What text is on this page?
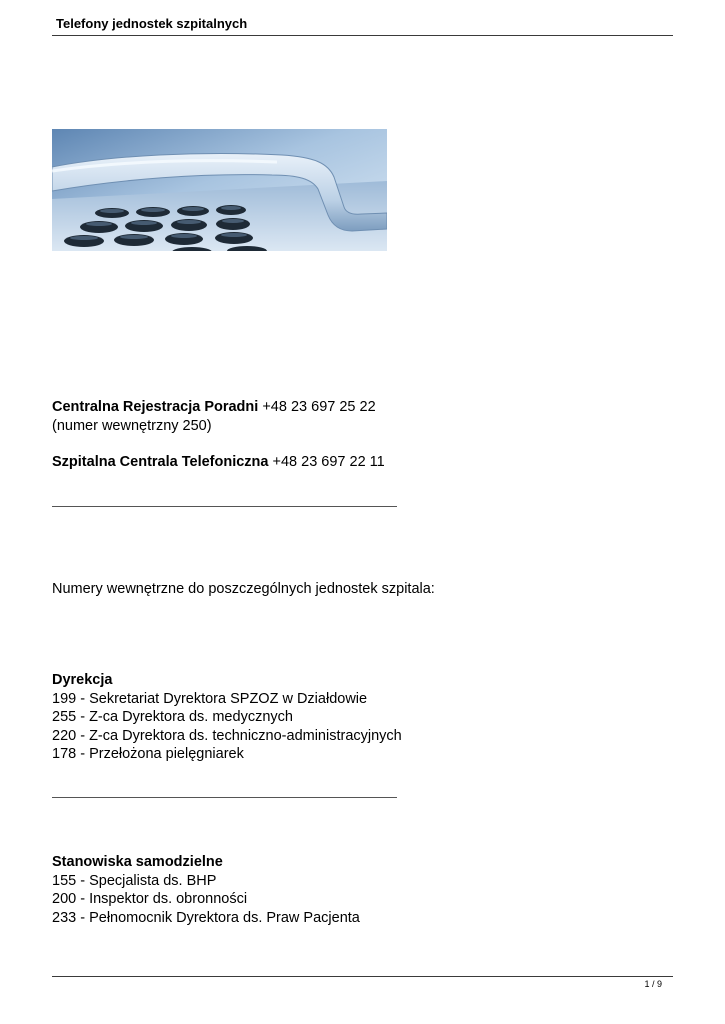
Telefony jednostek szpitalnych
Centralna Rejestracja Poradni +48 23 697 25 22
(numer wewnętrzny 250)
Szpitalna Centrala Telefoniczna +48 23 697 22 11
Numery wewnętrzne do poszczególnych jednostek szpitala:
Dyrekcja
199 - Sekretariat Dyrektora SPZOZ w Działdowie
255 - Z-ca Dyrektora ds. medycznych
220 - Z-ca Dyrektora ds. techniczno-administracyjnych
178 - Przełożona pielęgniarek
Stanowiska samodzielne
155 - Specjalista ds. BHP
200 - Inspektor ds. obronności
233 - Pełnomocnik Dyrektora ds. Praw Pacjenta
1 / 9
